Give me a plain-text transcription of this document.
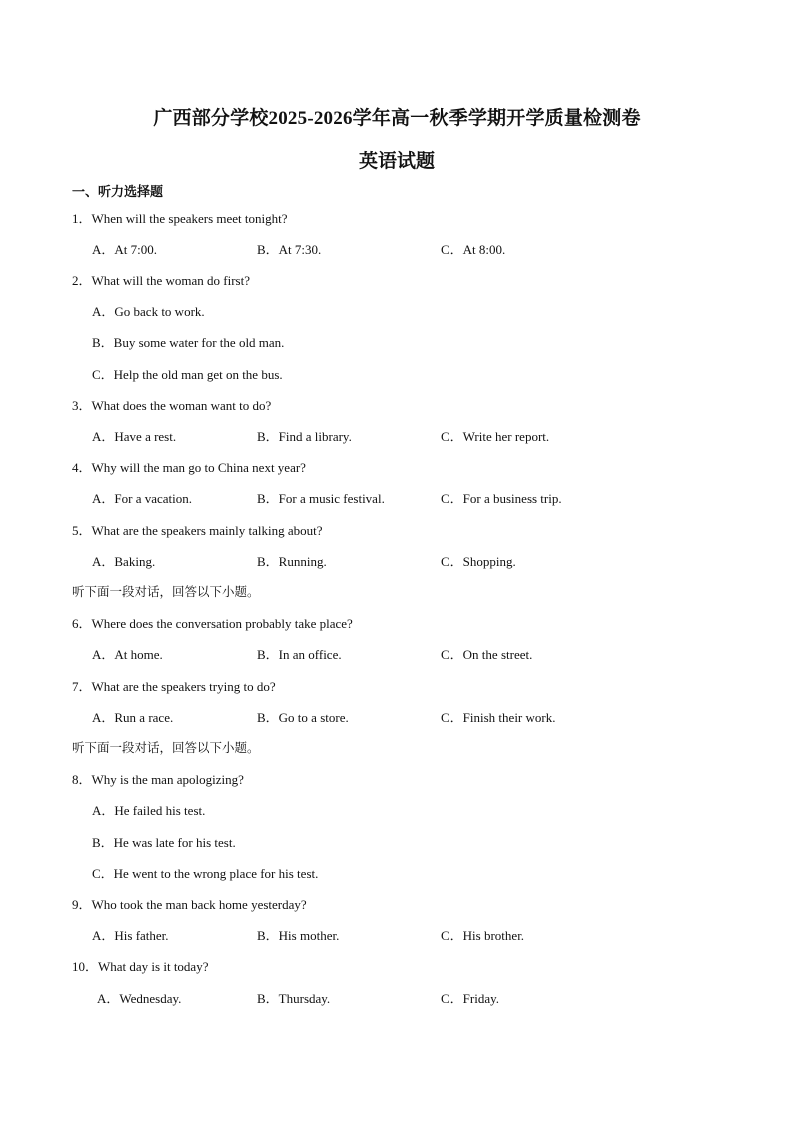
广西部分学校2025-2026学年高一秋季学期开学质量检测卷
英语试题
一、听力选择题
1．When will the speakers meet tonight?
A．At 7:00.	B．At 7:30.	C．At 8:00.
2．What will the woman do first?
A．Go back to work.
B．Buy some water for the old man.
C．Help the old man get on the bus.
3．What does the woman want to do?
A．Have a rest.	B．Find a library.	C．Write her report.
4．Why will the man go to China next year?
A．For a vacation.	B．For a music festival.	C．For a business trip.
5．What are the speakers mainly talking about?
A．Baking.	B．Running.	C．Shopping.
听下面一段对话，回答以下小题。
6．Where does the conversation probably take place?
A．At home.	B．In an office.	C．On the street.
7．What are the speakers trying to do?
A．Run a race.	B．Go to a store.	C．Finish their work.
听下面一段对话，回答以下小题。
8．Why is the man apologizing?
A．He failed his test.
B．He was late for his test.
C．He went to the wrong place for his test.
9．Who took the man back home yesterday?
A．His father.	B．His mother.	C．His brother.
10．What day is it today?
A．Wednesday.	B．Thursday.	C．Friday.
